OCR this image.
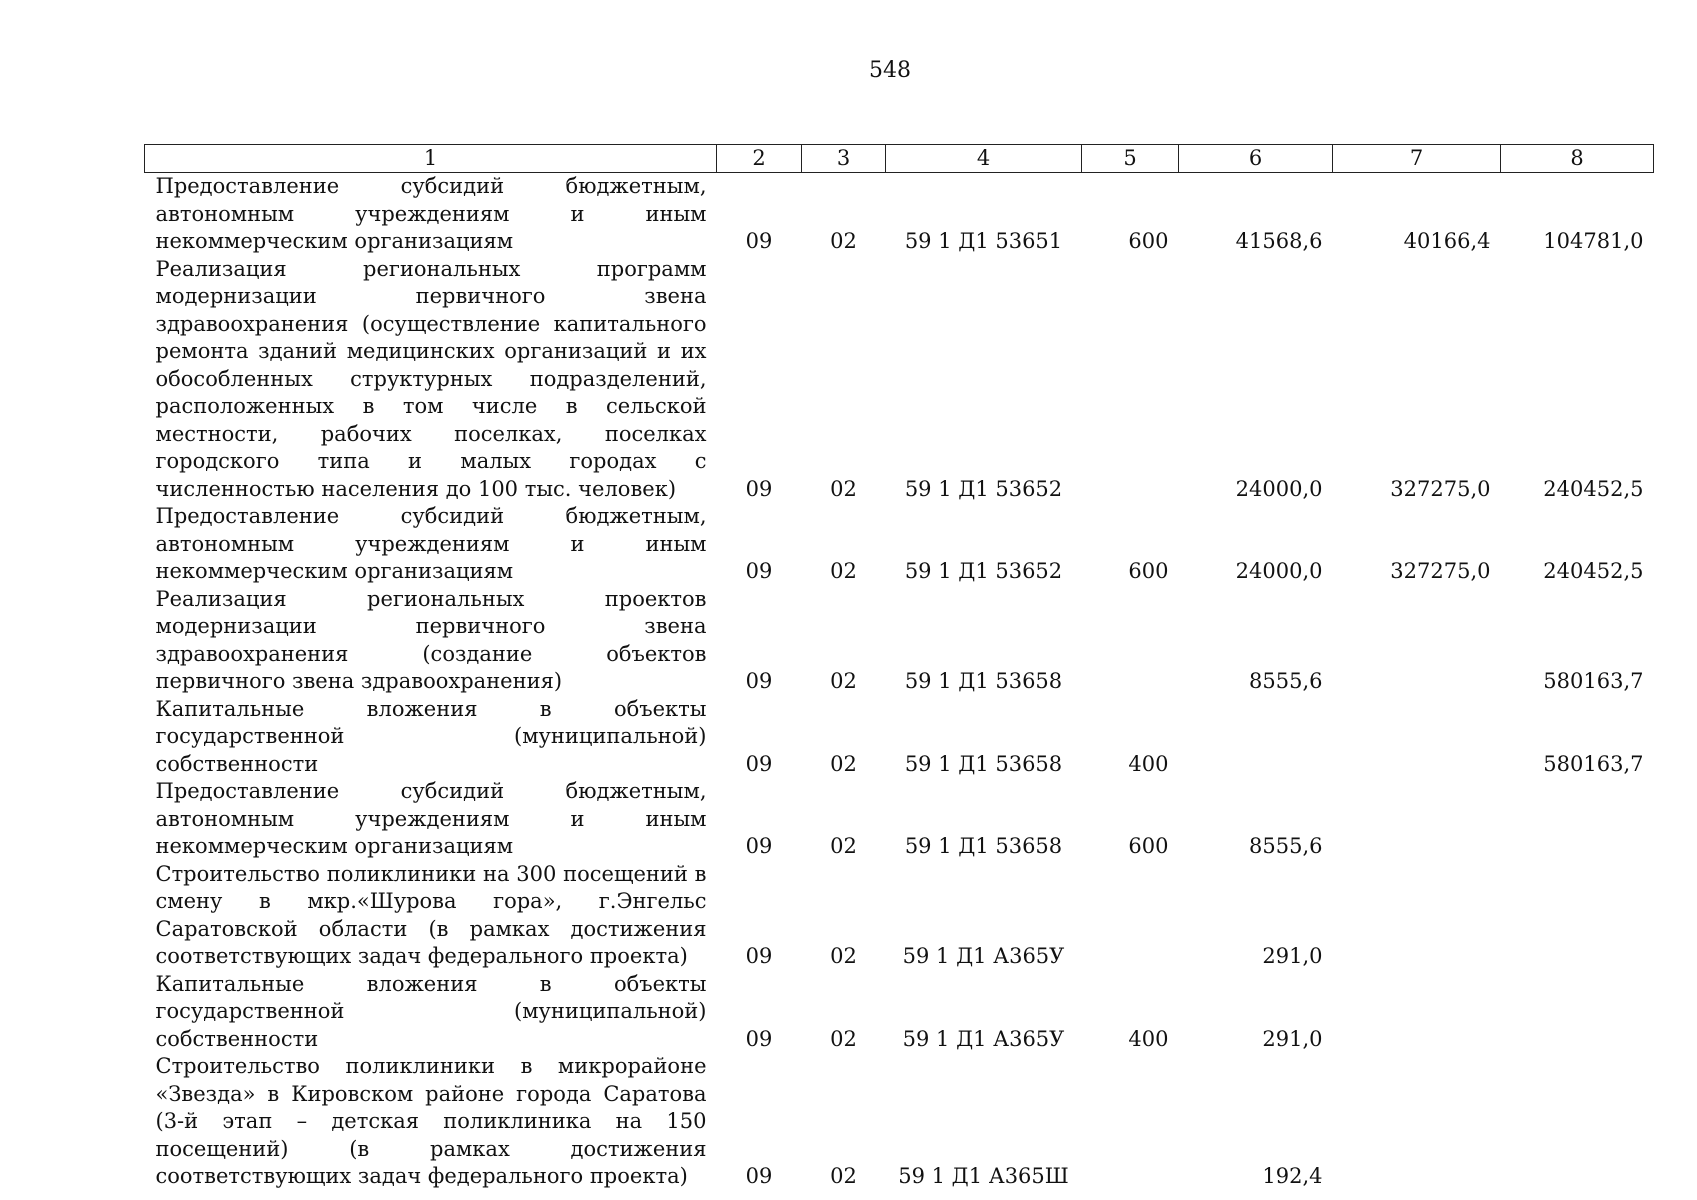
548
1	2	3	4	5	6	7	8
Предоставление субсидий бюджетным, автономным учреждениям и иным некоммерческим организациям	09	02	59 1 Д1 53651	600	41568,6	40166,4	104781,0
Реализация региональных программ модернизации первичного звена здравоохранения (осуществление капитального ремонта зданий медицинских организаций и их обособленных структурных подразделений, расположенных в том числе в сельской местности, рабочих поселках, поселках городского типа и малых городах с численностью населения до 100 тыс. человек)	09	02	59 1 Д1 53652		24000,0	327275,0	240452,5
Предоставление субсидий бюджетным, автономным учреждениям и иным некоммерческим организациям	09	02	59 1 Д1 53652	600	24000,0	327275,0	240452,5
Реализация региональных проектов модернизации первичного звена здравоохранения (создание объектов первичного звена здравоохранения)	09	02	59 1 Д1 53658		8555,6		580163,7
Капитальные вложения в объекты государственной (муниципальной) собственности	09	02	59 1 Д1 53658	400			580163,7
Предоставление субсидий бюджетным, автономным учреждениям и иным некоммерческим организациям	09	02	59 1 Д1 53658	600	8555,6		
Строительство поликлиники на 300 посещений в смену в мкр.«Шурова гора», г.Энгельс Саратовской области (в рамках достижения соответствующих задач федерального проекта)	09	02	59 1 Д1 А365У		291,0		
Капитальные вложения в объекты государственной (муниципальной) собственности	09	02	59 1 Д1 А365У	400	291,0		
Строительство поликлиники в микрорайоне «Звезда» в Кировском районе города Саратова (3-й этап – детская поликлиника на 150 посещений) (в рамках достижения соответствующих задач федерального проекта)	09	02	59 1 Д1 А365Ш		192,4		
